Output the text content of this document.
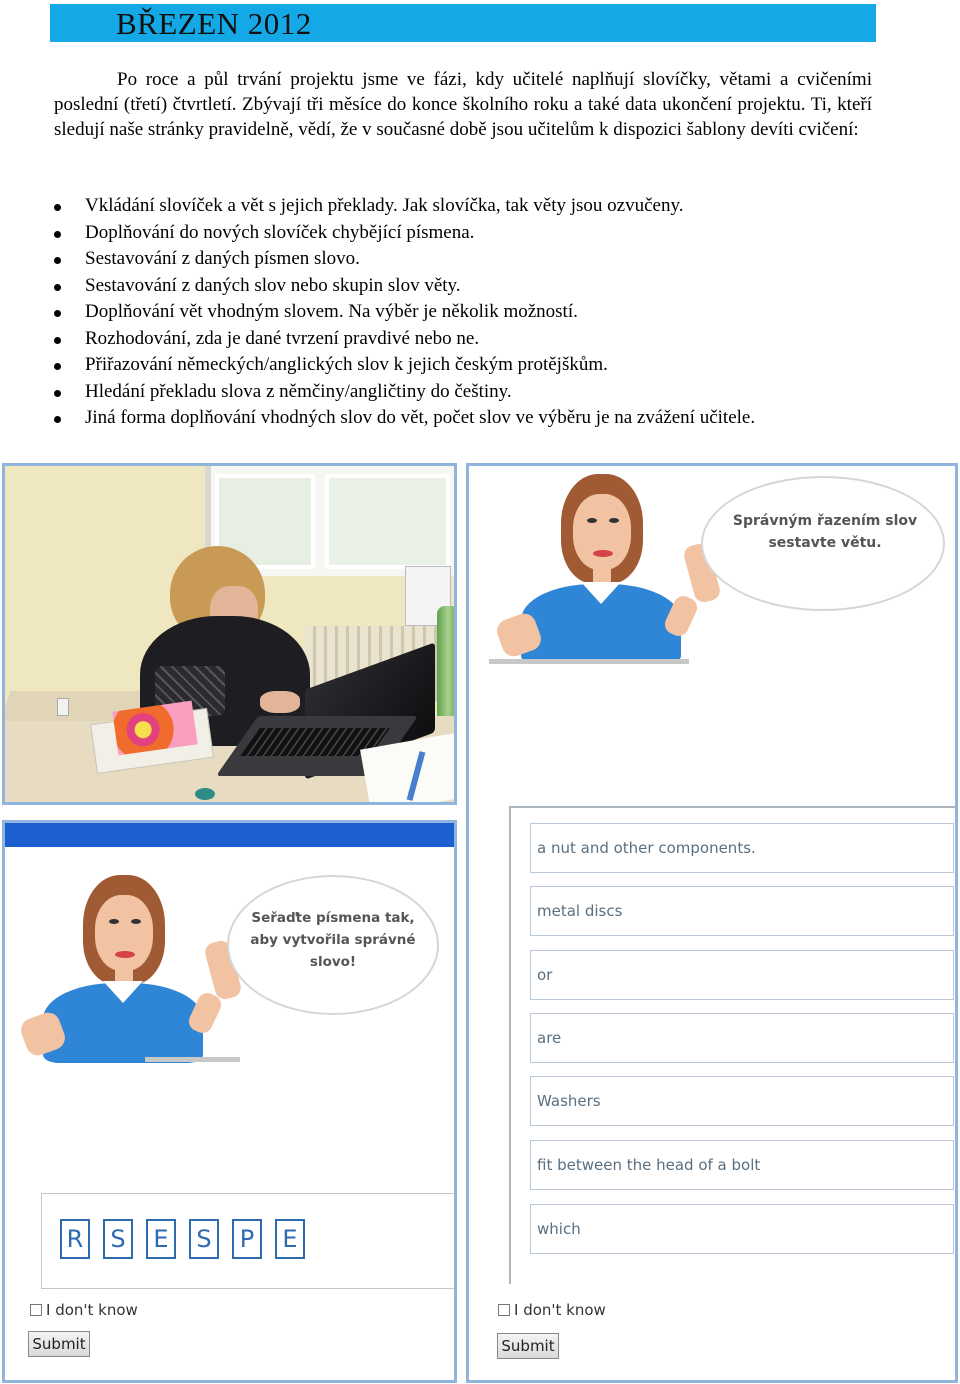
BŘEZEN 2012

Po roce a půl trvání projektu jsme ve fázi, kdy učitelé naplňují slovíčky, větami a cvičeními poslední (třetí) čtvrtletí. Zbývají tři měsíce do konce školního roku a také data ukončení projektu. Ti, kteří sledují naše stránky pravidelně, vědí, že v současné době jsou učitelům k dispozici šablony devíti cvičení:

Vkládání slovíček a vět s jejich překlady. Jak slovíčka, tak věty jsou ozvučeny.
Doplňování do nových slovíček chybějící písmena.
Sestavování z daných písmen slovo.
Sestavování z daných slov nebo skupin slov věty.
Doplňování vět vhodným slovem. Na výběr je několik možností.
Rozhodování, zda je dané tvrzení pravdivé nebo ne.
Přiřazování německých/anglických slov k jejich českým protějškům.
Hledání překladu slova z němčiny/angličtiny do češtiny.
Jiná forma doplňování vhodných slov do vět, počet slov ve výběru je na zvážení učitele.
Správným řazením slov
sestavte větu.
a nut and other components.
metal discs
or
are
Washers
fit between the head of a bolt
which
I don't know
Submit
Seřaďte písmena tak,
aby vytvořila správné
slovo!
R	S	E	S	P	E
I don't know
Submit
